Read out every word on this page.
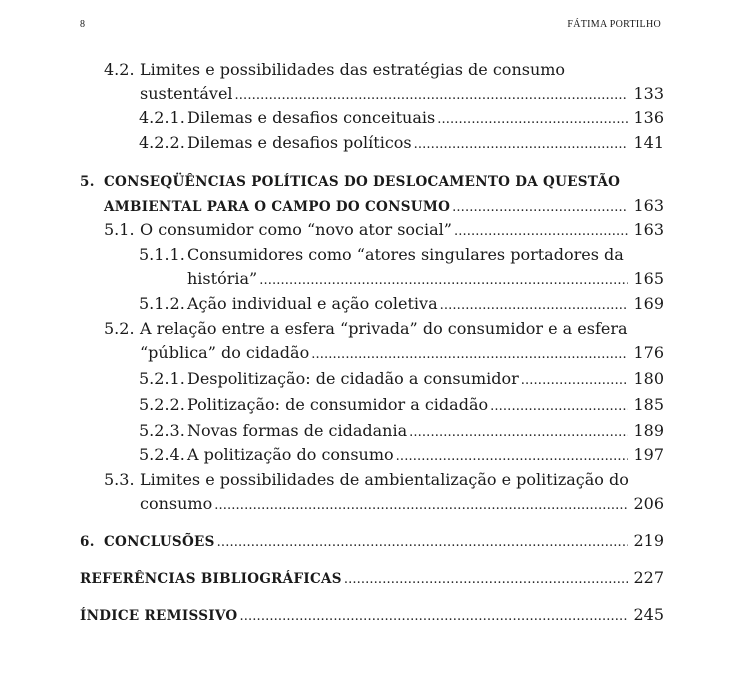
8	FÁTIMA PORTILHO
4.2. Limites e possibilidades das estratégias de consumo
sustentável . . .	133
4.2.1. Dilemas e desafios conceituais . . .	136
4.2.2. Dilemas e desafios políticos . . .	141
5. CONSEQÜÊNCIAS POLÍTICAS DO DESLOCAMENTO DA QUESTÃO
AMBIENTAL PARA O CAMPO DO CONSUMO . . .	163
5.1. O consumidor como “novo ator social” . . .	163
5.1.1. Consumidores como “atores singulares portadores da
história” . . .	165
5.1.2. Ação individual e ação coletiva . . .	169
5.2. A relação entre a esfera “privada” do consumidor e a esfera
“pública” do cidadão . . .	176
5.2.1. Despolitização: de cidadão a consumidor . . .	180
5.2.2. Politização: de consumidor a cidadão . . .	185
5.2.3. Novas formas de cidadania . . .	189
5.2.4. A politização do consumo . . .	197
5.3. Limites e possibilidades de ambientalização e politização do
consumo . . .	206
6. CONCLUSÕES . . .	219
REFERÊNCIAS BIBLIOGRÁFICAS . . .	227
ÍNDICE REMISSIVO . . .	245
